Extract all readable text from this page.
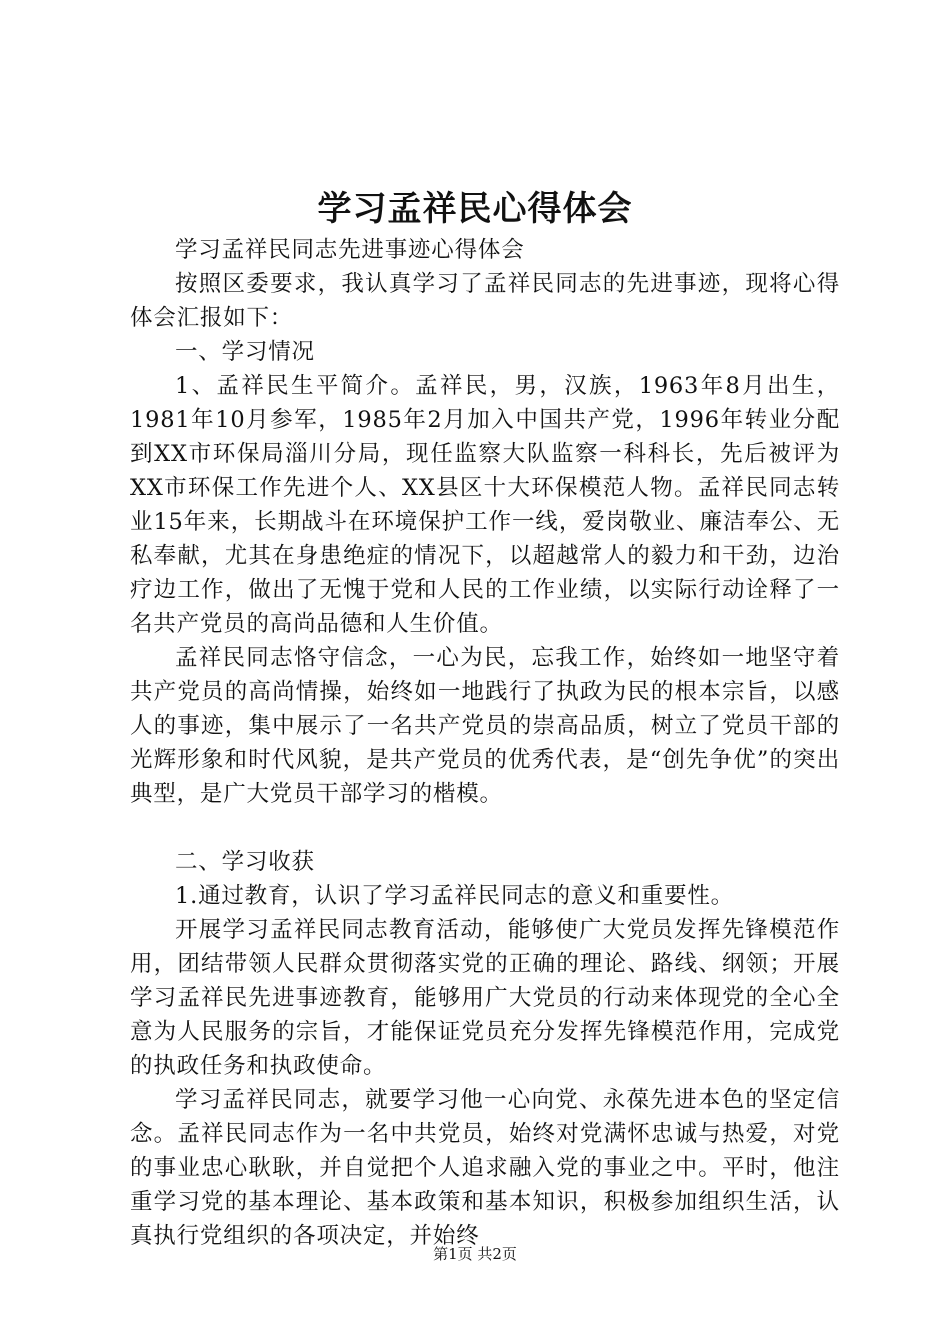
学习孟祥民心得体会

学习孟祥民同志先进事迹心得体会

按照区委要求，我认真学习了孟祥民同志的先进事迹，现将心得体会汇报如下：

一、学习情况

1、孟祥民生平简介。孟祥民，男，汉族，1963年8月出生，1981年10月参军，1985年2月加入中国共产党，1996年转业分配到XX市环保局淄川分局，现任监察大队监察一科科长，先后被评为XX市环保工作先进个人、XX县区十大环保模范人物。孟祥民同志转业15年来，长期战斗在环境保护工作一线，爱岗敬业、廉洁奉公、无私奉献，尤其在身患绝症的情况下，以超越常人的毅力和干劲，边治疗边工作，做出了无愧于党和人民的工作业绩，以实际行动诠释了一名共产党员的高尚品德和人生价值。

孟祥民同志恪守信念，一心为民，忘我工作，始终如一地坚守着共产党员的高尚情操，始终如一地践行了执政为民的根本宗旨，以感人的事迹，集中展示了一名共产党员的崇高品质，树立了党员干部的光辉形象和时代风貌，是共产党员的优秀代表，是“创先争优”的突出典型，是广大党员干部学习的楷模。

二、学习收获

1.通过教育，认识了学习孟祥民同志的意义和重要性。

开展学习孟祥民同志教育活动，能够使广大党员发挥先锋模范作用，团结带领人民群众贯彻落实党的正确的理论、路线、纲领；开展学习孟祥民先进事迹教育，能够用广大党员的行动来体现党的全心全意为人民服务的宗旨，才能保证党员充分发挥先锋模范作用，完成党的执政任务和执政使命。

学习孟祥民同志，就要学习他一心向党、永葆先进本色的坚定信念。孟祥民同志作为一名中共党员，始终对党满怀忠诚与热爱，对党的事业忠心耿耿，并自觉把个人追求融入党的事业之中。平时，他注重学习党的基本理论、基本政策和基本知识，积极参加组织生活，认真执行党组织的各项决定，并始终

第1页 共2页
